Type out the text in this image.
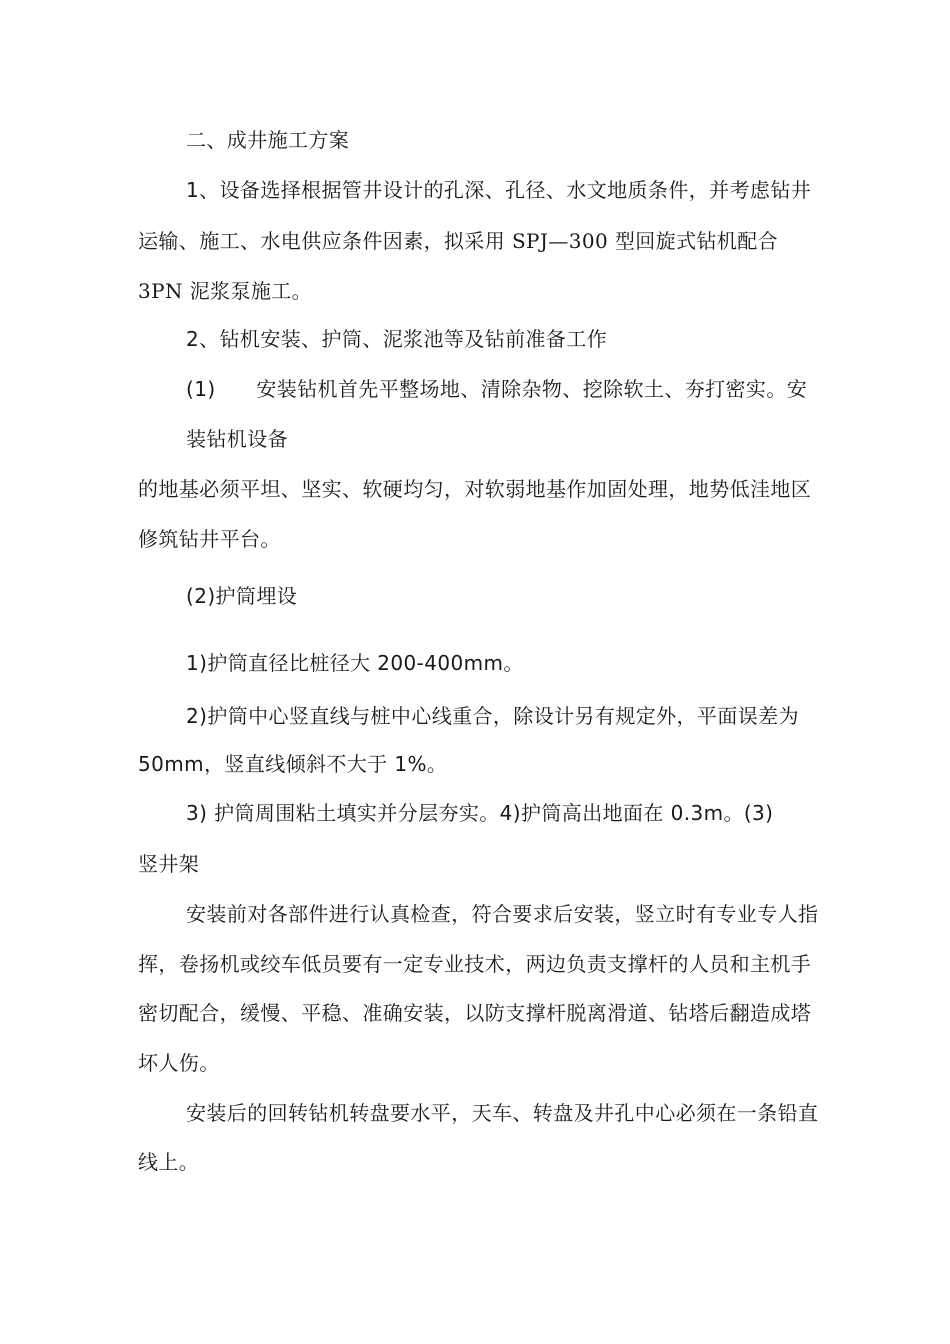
二、成井施工方案
1、设备选择根据管井设计的孔深、孔径、水文地质条件，并考虑钻井
运输、施工、水电供应条件因素，拟采用 SPJ—300 型回旋式钻机配合
3PN 泥浆泵施工。
2、钻机安装、护筒、泥浆池等及钻前准备工作
(1)　　安装钻机首先平整场地、清除杂物、挖除软土、夯打密实。安
装钻机设备
的地基必须平坦、坚实、软硬均匀，对软弱地基作加固处理，地势低洼地区
修筑钻井平台。
(2)护筒埋设
1)护筒直径比桩径大 200-400mm。
2)护筒中心竖直线与桩中心线重合，除设计另有规定外，平面误差为
50mm，竖直线倾斜不大于 1%。
3) 护筒周围粘土填实并分层夯实。4)护筒高出地面在 0.3m。(3)
竖井架
安装前对各部件进行认真检查，符合要求后安装，竖立时有专业专人指
挥，卷扬机或绞车低员要有一定专业技术，两边负责支撑杆的人员和主机手
密切配合，缓慢、平稳、准确安装，以防支撑杆脱离滑道、钻塔后翻造成塔
坏人伤。
安装后的回转钻机转盘要水平，天车、转盘及井孔中心必须在一条铅直
线上。
